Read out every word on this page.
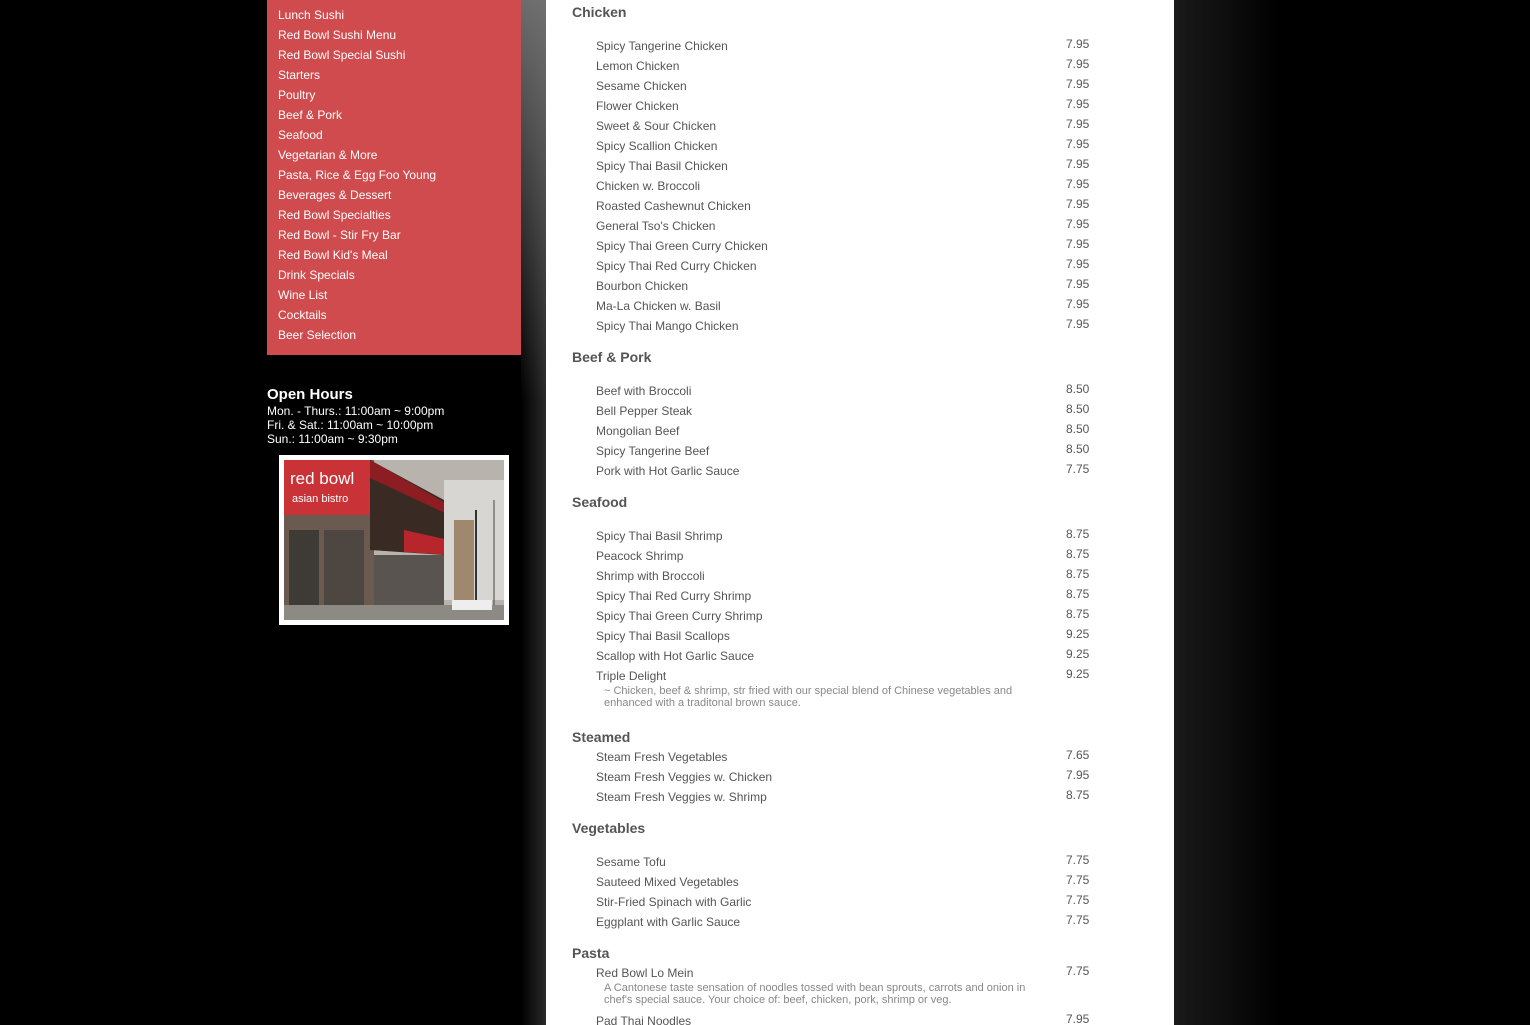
Lunch Sushi
Red Bowl Sushi Menu
Red Bowl Special Sushi
Starters
Poultry
Beef & Pork
Seafood
Vegetarian & More
Pasta, Rice & Egg Foo Young
Beverages & Dessert
Red Bowl Specialties
Red Bowl - Stir Fry Bar
Red Bowl Kid's Meal
Drink Specials
Wine List
Cocktails
Beer Selection
Open Hours
Mon. - Thurs.: 11:00am ~ 9:00pm
Fri. & Sat.: 11:00am ~ 10:00pm
Sun.: 11:00am ~ 9:30pm
red bowl
asian bistro
Chicken
Spicy Tangerine Chicken	7.95
Lemon Chicken	7.95
Sesame Chicken	7.95
Flower Chicken	7.95
Sweet & Sour Chicken	7.95
Spicy Scallion Chicken	7.95
Spicy Thai Basil Chicken	7.95
Chicken w. Broccoli	7.95
Roasted Cashewnut Chicken	7.95
General Tso's Chicken	7.95
Spicy Thai Green Curry Chicken	7.95
Spicy Thai Red Curry Chicken	7.95
Bourbon Chicken	7.95
Ma-La Chicken w. Basil	7.95
Spicy Thai Mango Chicken	7.95
Beef & Pork
Beef with Broccoli	8.50
Bell Pepper Steak	8.50
Mongolian Beef	8.50
Spicy Tangerine Beef	8.50
Pork with Hot Garlic Sauce	7.75
Seafood
Spicy Thai Basil Shrimp	8.75
Peacock Shrimp	8.75
Shrimp with Broccoli	8.75
Spicy Thai Red Curry Shrimp	8.75
Spicy Thai Green Curry Shrimp	8.75
Spicy Thai Basil Scallops	9.25
Scallop with Hot Garlic Sauce	9.25
Triple Delight	9.25
~ Chicken, beef & shrimp, str fried with our special blend of Chinese vegetables and enhanced with a traditonal brown sauce.
Steamed
Steam Fresh Vegetables	7.65
Steam Fresh Veggies w. Chicken	7.95
Steam Fresh Veggies w. Shrimp	8.75
Vegetables
Sesame Tofu	7.75
Sauteed Mixed Vegetables	7.75
Stir-Fried Spinach with Garlic	7.75
Eggplant with Garlic Sauce	7.75
Pasta
Red Bowl Lo Mein	7.75
A Cantonese taste sensation of noodles tossed with bean sprouts, carrots and onion in chef's special sauce. Your choice of: beef, chicken, pork, shrimp or veg.
Pad Thai Noodles	7.95
